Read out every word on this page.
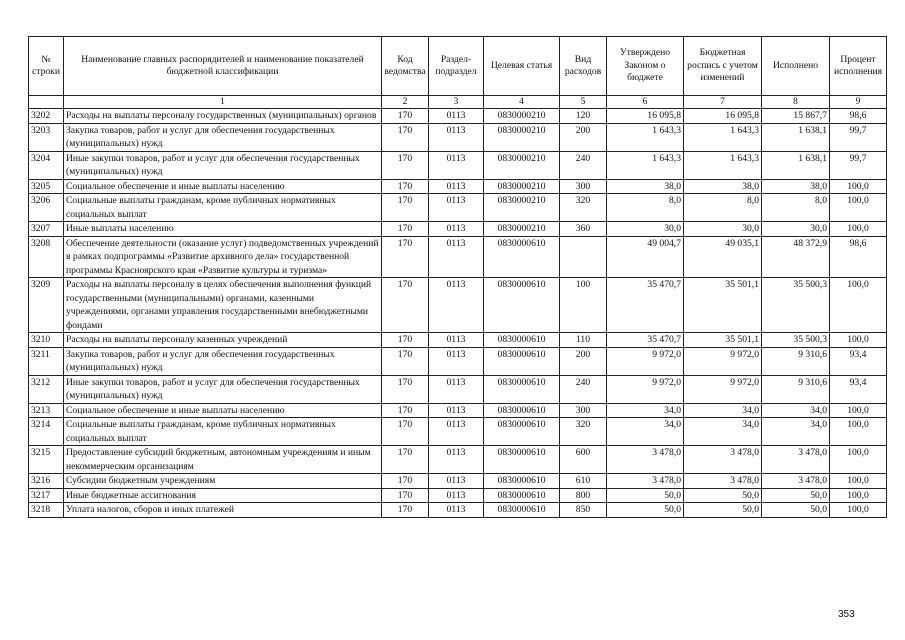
№ строки	Наименование главных распорядителей и наименование показателей бюджетной классификации	Код ведомства	Раздел-подраздел	Целевая статья	Вид расходов	Утверждено Законом о бюджете	Бюджетная роспись с учетом изменений	Исполнено	Процент исполнения
	1	2	3	4	5	6	7	8	9
3202	Расходы на выплаты персоналу государственных (муниципальных) органов	170	0113	0830000210	120	16 095,8	16 095,8	15 867,7	98,6
3203	Закупка товаров, работ и услуг для обеспечения государственных (муниципальных) нужд	170	0113	0830000210	200	1 643,3	1 643,3	1 638,1	99,7
3204	Иные закупки товаров, работ и услуг для обеспечения государственных (муниципальных) нужд	170	0113	0830000210	240	1 643,3	1 643,3	1 638,1	99,7
3205	Социальное обеспечение и иные выплаты населению	170	0113	0830000210	300	38,0	38,0	38,0	100,0
3206	Социальные выплаты гражданам, кроме публичных нормативных социальных выплат	170	0113	0830000210	320	8,0	8,0	8,0	100,0
3207	Иные выплаты населению	170	0113	0830000210	360	30,0	30,0	30,0	100,0
3208	Обеспечение деятельности (оказание услуг) подведомственных учреждений в рамках подпрограммы «Развитие архивного дела» государственной программы Красноярского края «Развитие культуры и туризма»	170	0113	0830000610		49 004,7	49 035,1	48 372,9	98,6
3209	Расходы на выплаты персоналу в целях обеспечения выполнения функций государственными (муниципальными) органами, казенными учреждениями, органами управления государственными внебюджетными фондами	170	0113	0830000610	100	35 470,7	35 501,1	35 500,3	100,0
3210	Расходы на выплаты персоналу казенных учреждений	170	0113	0830000610	110	35 470,7	35 501,1	35 500,3	100,0
3211	Закупка товаров, работ и услуг для обеспечения государственных (муниципальных) нужд	170	0113	0830000610	200	9 972,0	9 972,0	9 310,6	93,4
3212	Иные закупки товаров, работ и услуг для обеспечения государственных (муниципальных) нужд	170	0113	0830000610	240	9 972,0	9 972,0	9 310,6	93,4
3213	Социальное обеспечение и иные выплаты населению	170	0113	0830000610	300	34,0	34,0	34,0	100,0
3214	Социальные выплаты гражданам, кроме публичных нормативных социальных выплат	170	0113	0830000610	320	34,0	34,0	34,0	100,0
3215	Предоставление субсидий бюджетным, автономным учреждениям и иным некоммерческим организациям	170	0113	0830000610	600	3 478,0	3 478,0	3 478,0	100,0
3216	Субсидии бюджетным учреждениям	170	0113	0830000610	610	3 478,0	3 478,0	3 478,0	100,0
3217	Иные бюджетные ассигнования	170	0113	0830000610	800	50,0	50,0	50,0	100,0
3218	Уплата налогов, сборов и иных платежей	170	0113	0830000610	850	50,0	50,0	50,0	100,0
353
